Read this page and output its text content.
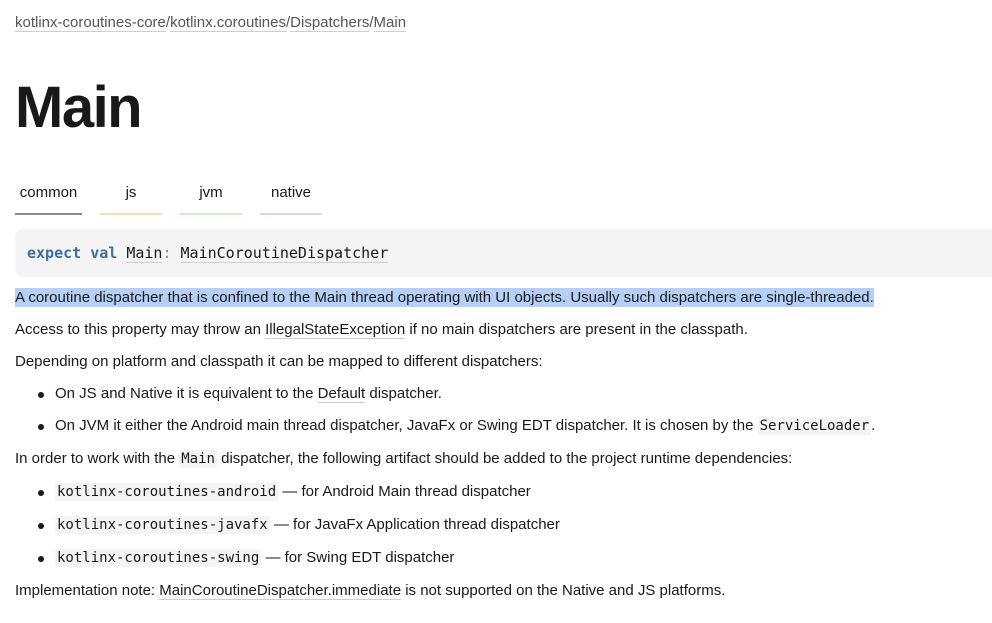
kotlinx-coroutines-core/kotlinx.coroutines/Dispatchers/Main
Main
common	js	jvm	native
expect val Main: MainCoroutineDispatcher
A coroutine dispatcher that is confined to the Main thread operating with UI objects. Usually such dispatchers are single-threaded.
Access to this property may throw an IllegalStateException if no main dispatchers are present in the classpath.
Depending on platform and classpath it can be mapped to different dispatchers:
On JS and Native it is equivalent to the Default dispatcher.
On JVM it either the Android main thread dispatcher, JavaFx or Swing EDT dispatcher. It is chosen by the ServiceLoader .
In order to work with the Main dispatcher, the following artifact should be added to the project runtime dependencies:
kotlinx-coroutines-android — for Android Main thread dispatcher
kotlinx-coroutines-javafx — for JavaFx Application thread dispatcher
kotlinx-coroutines-swing — for Swing EDT dispatcher
Implementation note: MainCoroutineDispatcher.immediate is not supported on the Native and JS platforms.
